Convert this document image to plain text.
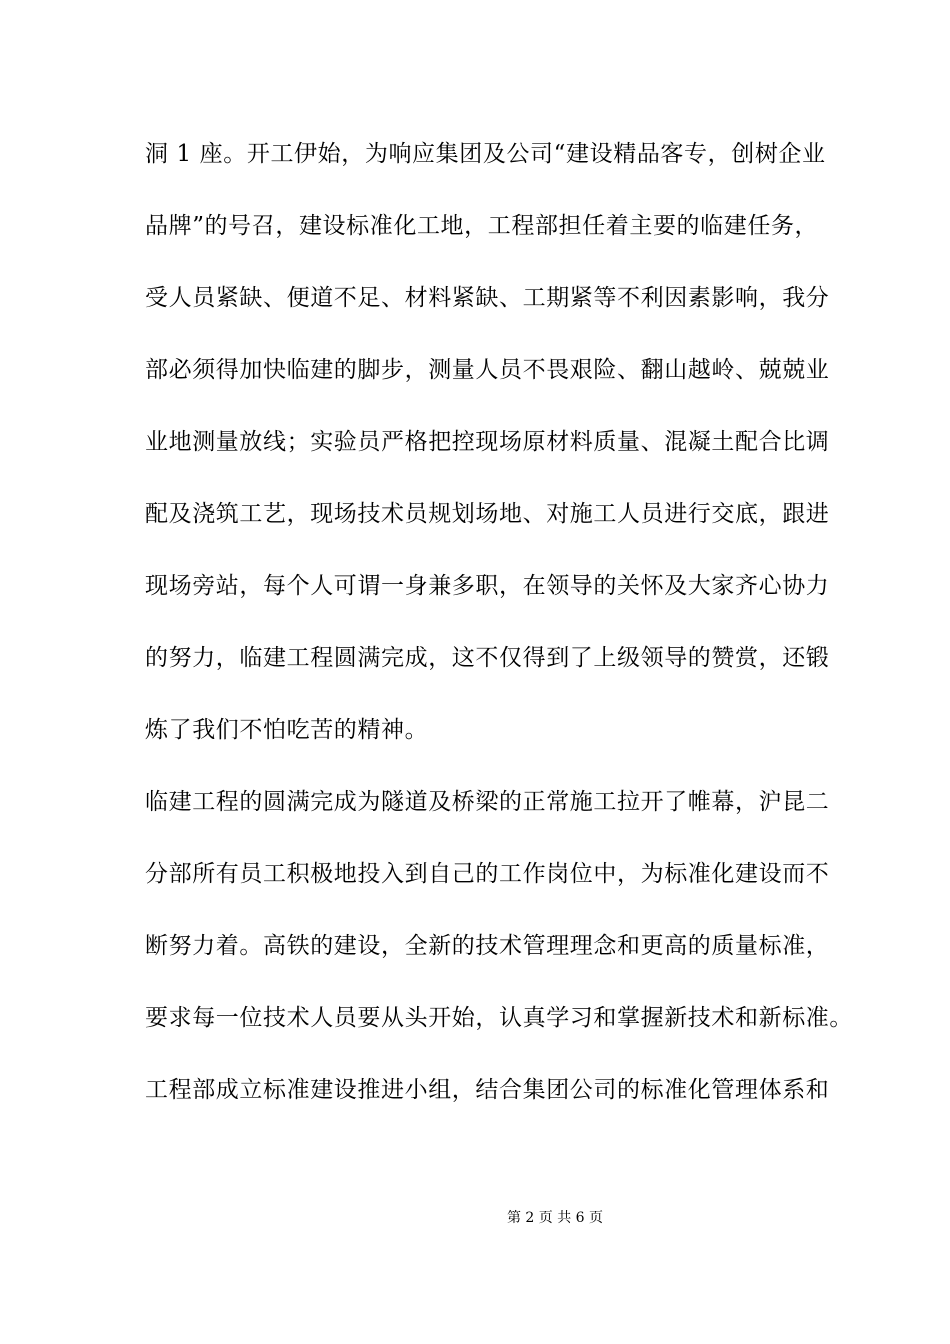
洞 1 座。开工伊始，为响应集团及公司“建设精品客专，创树企业
品牌”的号召，建设标准化工地，工程部担任着主要的临建任务，
受人员紧缺、便道不足、材料紧缺、工期紧等不利因素影响，我分
部必须得加快临建的脚步，测量人员不畏艰险、翻山越岭、兢兢业
业地测量放线；实验员严格把控现场原材料质量、混凝土配合比调
配及浇筑工艺，现场技术员规划场地、对施工人员进行交底，跟进
现场旁站，每个人可谓一身兼多职，在领导的关怀及大家齐心协力
的努力，临建工程圆满完成，这不仅得到了上级领导的赞赏，还锻
炼了我们不怕吃苦的精神。
临建工程的圆满完成为隧道及桥梁的正常施工拉开了帷幕，沪昆二
分部所有员工积极地投入到自己的工作岗位中，为标准化建设而不
断努力着。高铁的建设，全新的技术管理理念和更高的质量标准，
要求每一位技术人员要从头开始，认真学习和掌握新技术和新标准。
工程部成立标准建设推进小组，结合集团公司的标准化管理体系和
第 2 页 共 6 页
